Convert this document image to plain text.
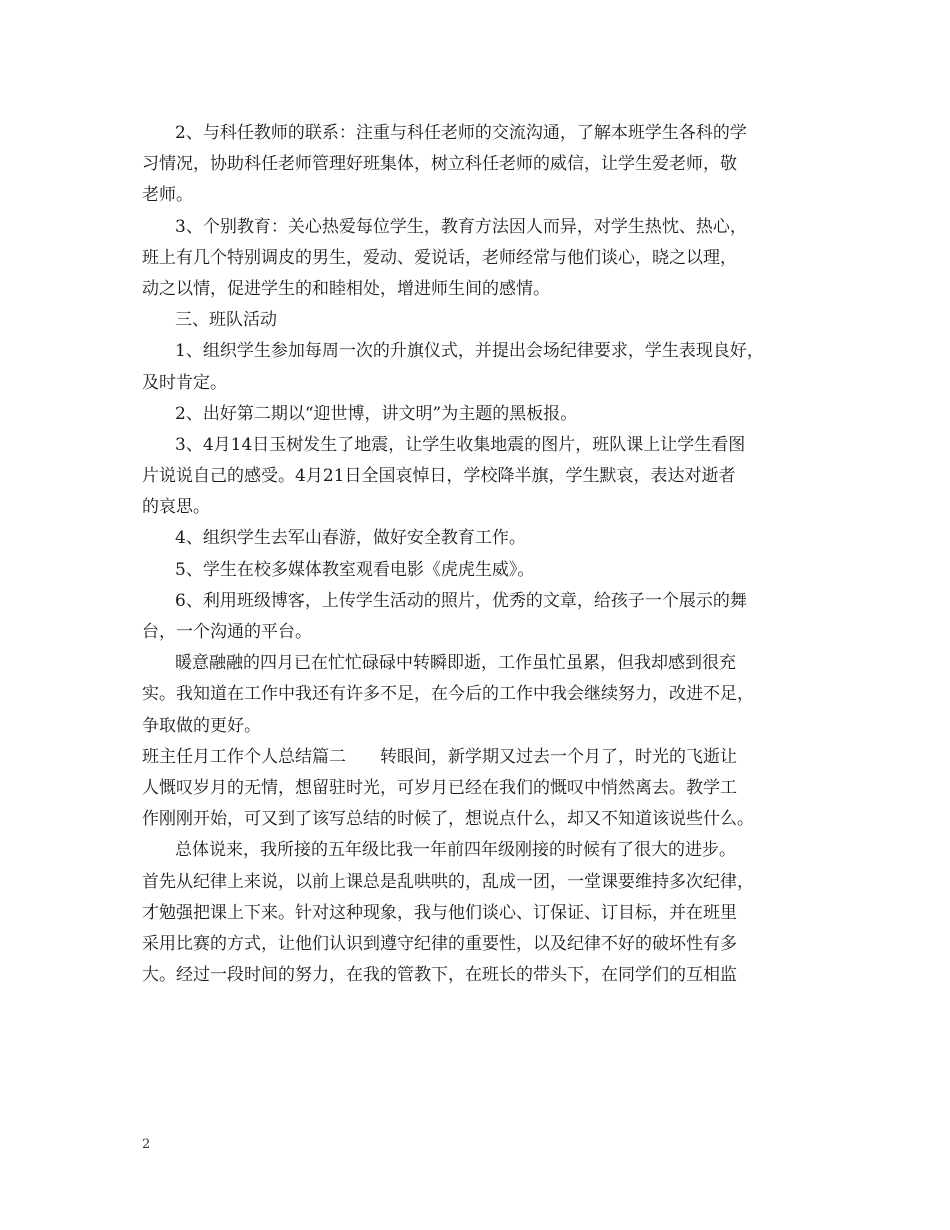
2、与科任教师的联系：注重与科任老师的交流沟通，了解本班学生各科的学
习情况，协助科任老师管理好班集体，树立科任老师的威信，让学生爱老师，敬
老师。
3、个别教育：关心热爱每位学生，教育方法因人而异，对学生热忱、热心，
班上有几个特别调皮的男生，爱动、爱说话，老师经常与他们谈心，晓之以理，
动之以情，促进学生的和睦相处，增进师生间的感情。
三、班队活动
1、组织学生参加每周一次的升旗仪式，并提出会场纪律要求，学生表现良好，
及时肯定。
2、出好第二期以“迎世博，讲文明”为主题的黑板报。
3、4月14日玉树发生了地震，让学生收集地震的图片，班队课上让学生看图
片说说自己的感受。4月21日全国哀悼日，学校降半旗，学生默哀，表达对逝者
的哀思。
4、组织学生去军山春游，做好安全教育工作。
5、学生在校多媒体教室观看电影《虎虎生威》。
6、利用班级博客，上传学生活动的照片，优秀的文章，给孩子一个展示的舞
台，一个沟通的平台。
暖意融融的四月已在忙忙碌碌中转瞬即逝，工作虽忙虽累，但我却感到很充
实。我知道在工作中我还有许多不足，在今后的工作中我会继续努力，改进不足，
争取做的更好。
班主任月工作个人总结篇二　　转眼间，新学期又过去一个月了，时光的飞逝让
人慨叹岁月的无情，想留驻时光，可岁月已经在我们的慨叹中悄然离去。教学工
作刚刚开始，可又到了该写总结的时候了，想说点什么，却又不知道该说些什么。
总体说来，我所接的五年级比我一年前四年级刚接的时候有了很大的进步。
首先从纪律上来说，以前上课总是乱哄哄的，乱成一团，一堂课要维持多次纪律，
才勉强把课上下来。针对这种现象，我与他们谈心、订保证、订目标，并在班里
采用比赛的方式，让他们认识到遵守纪律的重要性，以及纪律不好的破坏性有多
大。经过一段时间的努力，在我的管教下，在班长的带头下，在同学们的互相监
2
